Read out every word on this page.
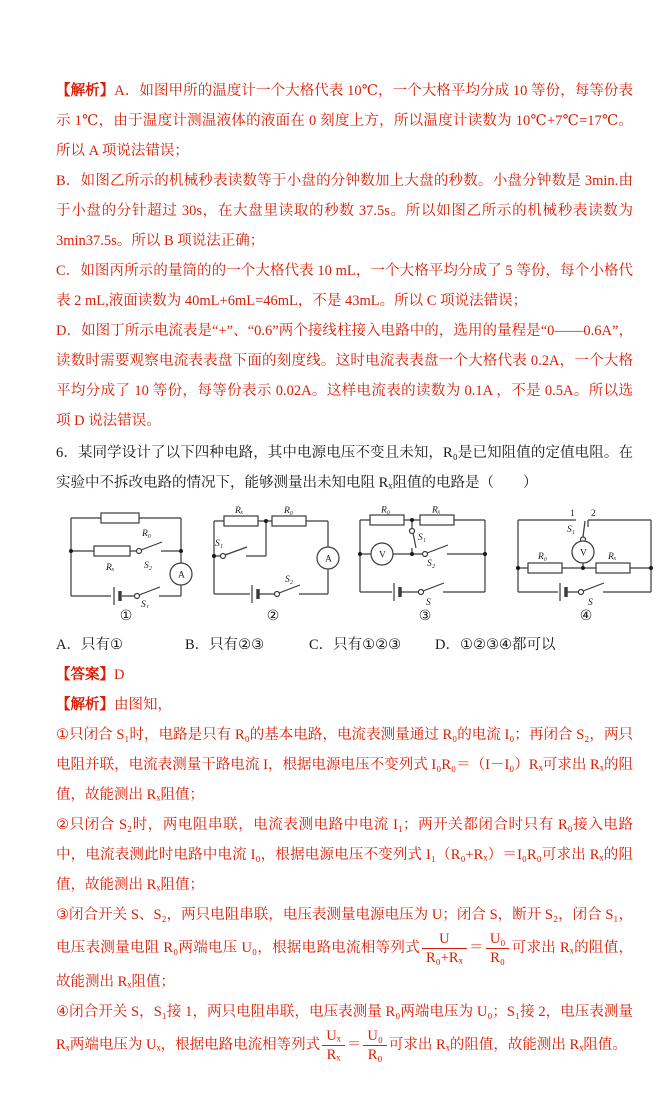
【解析】A．如图甲所的温度计一个大格代表 10℃，一个大格平均分成 10 等份，每等份表示 1℃，由于温度计测温液体的液面在 0 刻度上方，所以温度计读数为 10℃+7℃=17℃。所以 A 项说法错误；

B．如图乙所示的机械秒表读数等于小盘的分钟数加上大盘的秒数。小盘分钟数是 3min.由于小盘的分针超过 30s，在大盘里读取的秒数 37.5s。所以如图乙所示的机械秒表读数为 3min37.5s。所以 B 项说法正确；

C．如图丙所示的量筒的的一个大格代表 10 mL，一个大格平均分成了 5 等份，每个小格代表 2 mL,液面读数为 40mL+6mL=46mL，不是 43mL。所以 C 项说法错误；

D．如图丁所示电流表是“+”、“0.6”两个接线柱接入电路中的，选用的量程是“0——0.6A”，读数时需要观察电流表表盘下面的刻度线。这时电流表表盘一个大格代表 0.2A，一个大格平均分成了 10 等份，每等份表示 0.02A。这样电流表的读数为 0.1A ，不是 0.5A。所以选项 D 说法错误。

6．某同学设计了以下四种电路，其中电源电压不变且未知，R₀是已知阻值的定值电阻。在实验中不拆改电路的情况下，能够测量出未知电阻 Rₓ阻值的电路是（　　）

R₀
Rₓ	S₂
A
S₁
①
Rₓ	R₀
S₁
A
S₂
②
R₀	Rₓ
S₁
V
S₂
S
③
1 2
S₁
V
R₀	Rₓ
S
④
A．只有①	B．只有②③	C．只有①②③	D．①②③④都可以

【答案】D

【解析】由图知，

①只闭合 S₁时，电路是只有 R₀的基本电路，电流表测量通过 R₀的电流 I₀；再闭合 S₂，两只电阻并联，电流表测量干路电流 I，根据电源电压不变列式 I₀R₀＝（I－I₀）Rₓ可求出 Rₓ的阻值，故能测出 Rₓ阻值；

②只闭合 S₂时，两电阻串联，电流表测电路中电流 I₁；两开关都闭合时只有 R₀接入电路中，电流表测此时电路中电流 I₀，根据电源电压不变列式 I₁（R₀+Rₓ）＝I₀R₀可求出 Rₓ的阻值，故能测出 Rₓ阻值；

③闭合开关 S、S₂，两只电阻串联，电压表测量电源电压为 U；闭合 S，断开 S₂，闭合 S₁，电压表测量电阻 R₀两端电压 U₀，根据电路电流相等列式 $\frac{U}{\text{R₀+Rₓ}} = \frac{\text{U₀}}{\text{R₀}}$ 可求出 Rₓ的阻值，故能测出 Rₓ阻值；

④闭合开关 S，S₁接 1，两只电阻串联，电压表测量 R₀两端电压为 U₀；S₁接 2，电压表测量 Rₓ两端电压为 Uₓ，根据电路电流相等列式 $\frac{\text{Uₓ}}{\text{Rₓ}} = \frac{\text{U₀}}{\text{R₀}}$ 可求出 Rₓ的阻值，故能测出 Rₓ阻值。
